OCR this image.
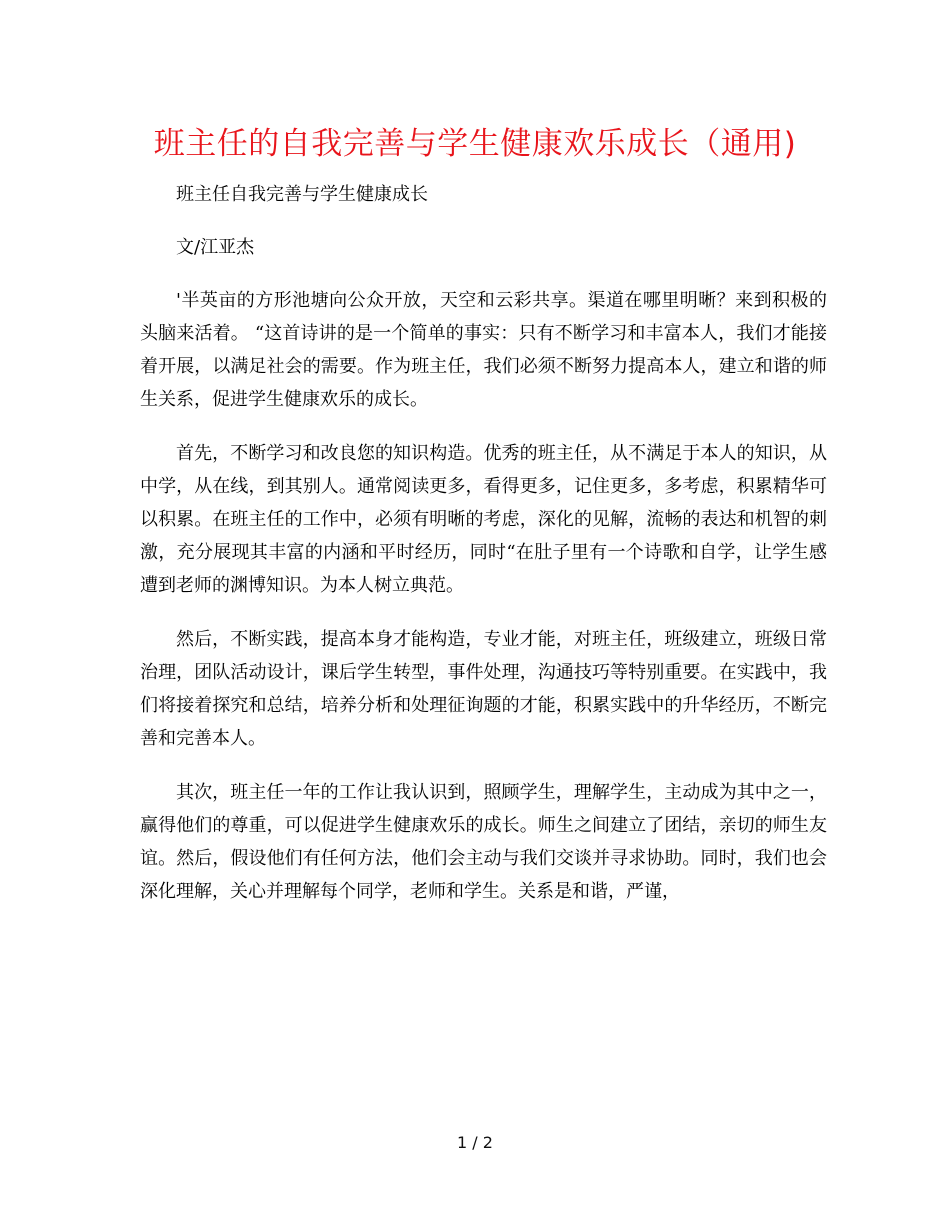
班主任的自我完善与学生健康欢乐成长（通用)

班主任自我完善与学生健康成长

文/江亚杰

'半英亩的方形池塘向公众开放，天空和云彩共享。渠道在哪里明晰？来到积极的头脑来活着。 “这首诗讲的是一个简单的事实：只有不断学习和丰富本人，我们才能接着开展，以满足社会的需要。作为班主任，我们必须不断努力提高本人，建立和谐的师生关系，促进学生健康欢乐的成长。

首先，不断学习和改良您的知识构造。优秀的班主任，从不满足于本人的知识，从中学，从在线，到其别人。通常阅读更多，看得更多，记住更多，多考虑，积累精华可以积累。在班主任的工作中，必须有明晰的考虑，深化的见解，流畅的表达和机智的刺激，充分展现其丰富的内涵和平时经历，同时“在肚子里有一个诗歌和自学，让学生感遭到老师的渊博知识。为本人树立典范。

然后，不断实践，提高本身才能构造，专业才能，对班主任，班级建立，班级日常治理，团队活动设计，课后学生转型，事件处理，沟通技巧等特别重要。在实践中，我们将接着探究和总结，培养分析和处理征询题的才能，积累实践中的升华经历，不断完善和完善本人。

其次，班主任一年的工作让我认识到，照顾学生，理解学生，主动成为其中之一，赢得他们的尊重，可以促进学生健康欢乐的成长。师生之间建立了团结，亲切的师生友谊。然后，假设他们有任何方法，他们会主动与我们交谈并寻求协助。同时，我们也会深化理解，关心并理解每个同学，老师和学生。关系是和谐，严谨，

1 / 2
